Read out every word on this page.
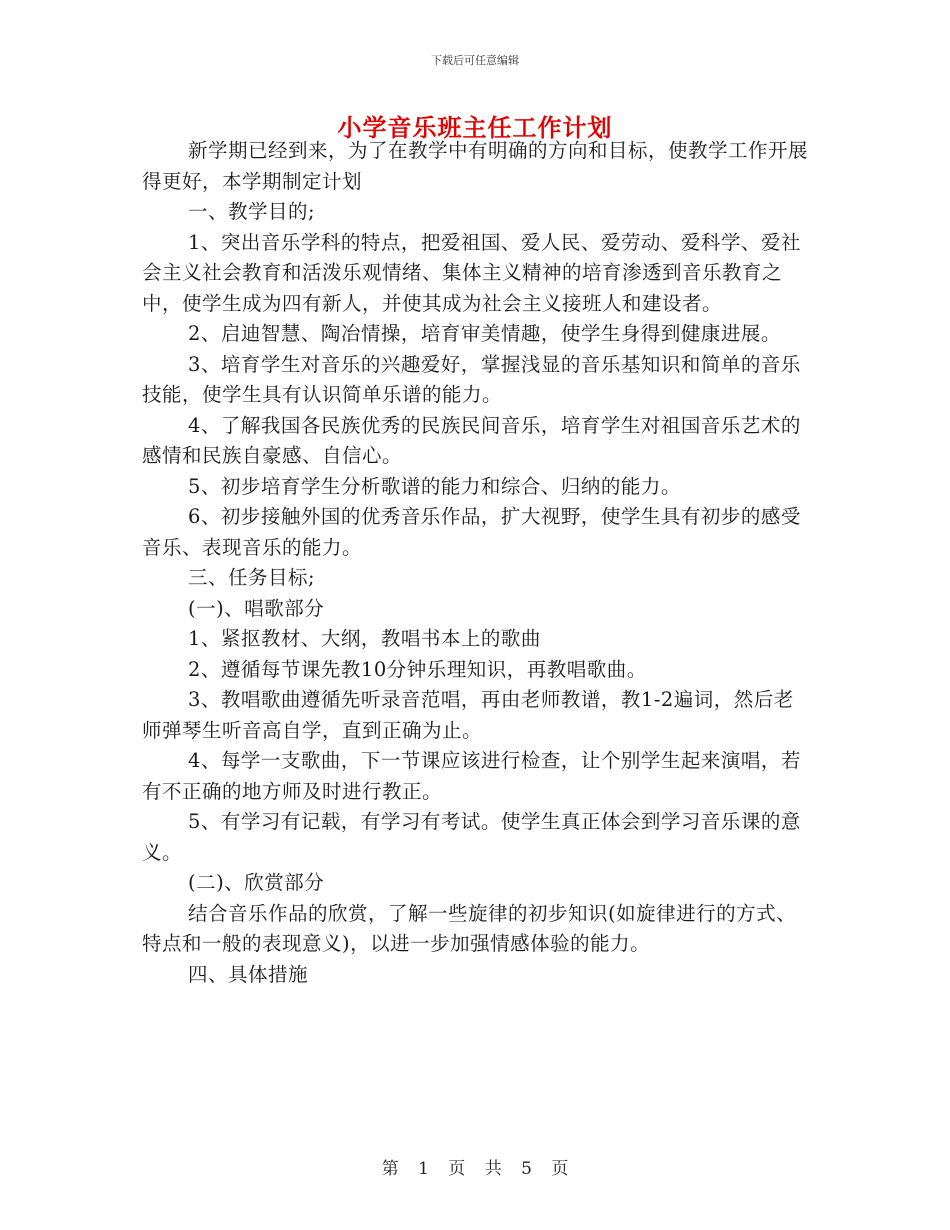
下载后可任意编辑
小学音乐班主任工作计划

新学期已经到来，为了在教学中有明确的方向和目标，使教学工作开展得更好，本学期制定计划

一、教学目的;

1、突出音乐学科的特点，把爱祖国、爱人民、爱劳动、爱科学、爱社会主义社会教育和活泼乐观情绪、集体主义精神的培育渗透到音乐教育之中，使学生成为四有新人，并使其成为社会主义接班人和建设者。

2、启迪智慧、陶冶情操，培育审美情趣，使学生身得到健康进展。

3、培育学生对音乐的兴趣爱好，掌握浅显的音乐基知识和简单的音乐技能，使学生具有认识简单乐谱的能力。

4、了解我国各民族优秀的民族民间音乐，培育学生对祖国音乐艺术的感情和民族自豪感、自信心。

5、初步培育学生分析歌谱的能力和综合、归纳的能力。

6、初步接触外国的优秀音乐作品，扩大视野，使学生具有初步的感受音乐、表现音乐的能力。

三、任务目标;

(一)、唱歌部分

1、紧抠教材、大纲，教唱书本上的歌曲

2、遵循每节课先教10分钟乐理知识，再教唱歌曲。

3、教唱歌曲遵循先听录音范唱，再由老师教谱，教1-2遍词，然后老师弹琴生听音高自学，直到正确为止。

4、每学一支歌曲，下一节课应该进行检查，让个别学生起来演唱，若有不正确的地方师及时进行教正。

5、有学习有记载，有学习有考试。使学生真正体会到学习音乐课的意义。

(二)、欣赏部分

结合音乐作品的欣赏，了解一些旋律的初步知识(如旋律进行的方式、特点和一般的表现意义)，以进一步加强情感体验的能力。

四、具体措施

第 1 页 共 5 页
